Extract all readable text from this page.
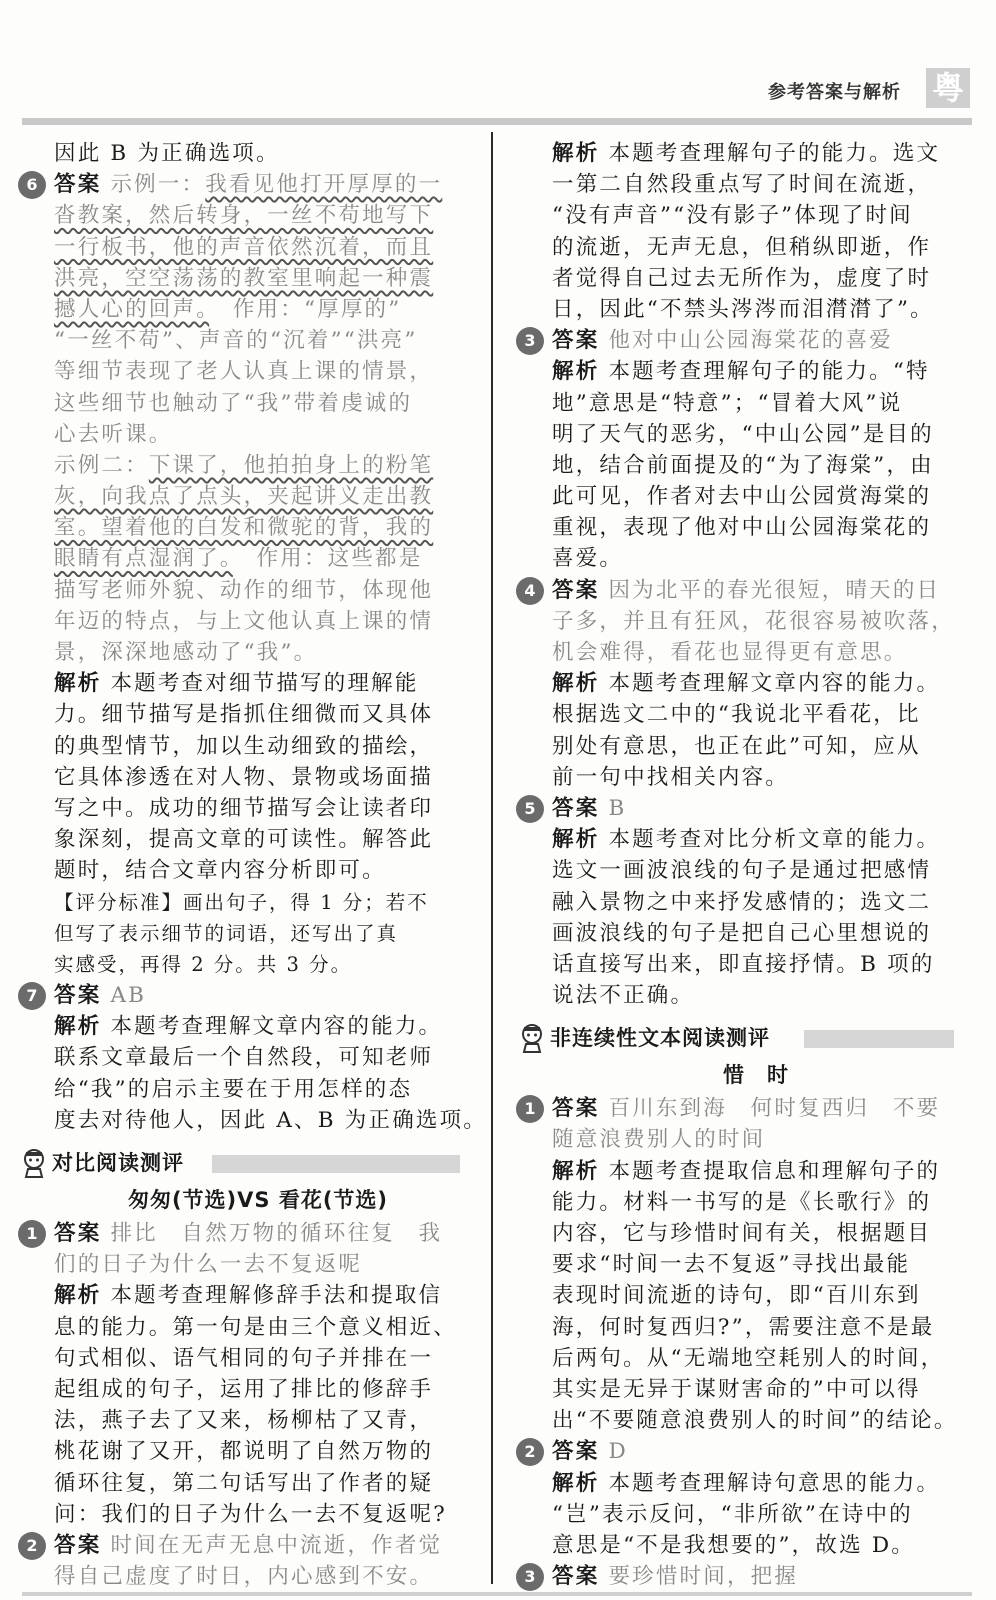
参考答案与解析 粤
因此 B 为正确选项。
6 答案 示例一：我看见他打开厚厚的一
沓教案，然后转身，一丝不苟地写下
一行板书，他的声音依然沉着，而且
洪亮，空空荡荡的教室里响起一种震
撼人心的回声。　作用：“厚厚的”
“一丝不苟”、声音的“沉着”“洪亮”
等细节表现了老人认真上课的情景，
这些细节也触动了“我”带着虔诚的
心去听课。
示例二：下课了，他拍拍身上的粉笔
灰，向我点了点头，夹起讲义走出教
室。望着他的白发和微驼的背，我的
眼睛有点湿润了。　作用：这些都是
描写老师外貌、动作的细节，体现他
年迈的特点，与上文他认真上课的情
景，深深地感动了“我”。
解析 本题考查对细节描写的理解能
力。细节描写是指抓住细微而又具体
的典型情节，加以生动细致的描绘，
它具体渗透在对人物、景物或场面描
写之中。成功的细节描写会让读者印
象深刻，提高文章的可读性。解答此
题时，结合文章内容分析即可。
【评分标准】画出句子，得 1 分；若不
但写了表示细节的词语，还写出了真
实感受，再得 2 分。共 3 分。
7 答案 AB
解析 本题考查理解文章内容的能力。
联系文章最后一个自然段，可知老师
给“我”的启示主要在于用怎样的态
度去对待他人，因此 A、B 为正确选项。
对比阅读测评
匆匆(节选)VS 看花(节选)
1 答案 排比　自然万物的循环往复　我
们的日子为什么一去不复返呢
解析 本题考查理解修辞手法和提取信
息的能力。第一句是由三个意义相近、
句式相似、语气相同的句子并排在一
起组成的句子，运用了排比的修辞手
法，燕子去了又来，杨柳枯了又青，
桃花谢了又开，都说明了自然万物的
循环往复，第二句话写出了作者的疑
问：我们的日子为什么一去不复返呢?
2 答案 时间在无声无息中流逝，作者觉
得自己虚度了时日，内心感到不安。
解析 本题考查理解句子的能力。选文
一第二自然段重点写了时间在流逝，
“没有声音”“没有影子”体现了时间
的流逝，无声无息，但稍纵即逝，作
者觉得自己过去无所作为，虚度了时
日，因此“不禁头涔涔而泪潸潸了”。
3 答案 他对中山公园海棠花的喜爱
解析 本题考查理解句子的能力。“特
地”意思是“特意”；“冒着大风”说
明了天气的恶劣，“中山公园”是目的
地，结合前面提及的“为了海棠”，由
此可见，作者对去中山公园赏海棠的
重视，表现了他对中山公园海棠花的
喜爱。
4 答案 因为北平的春光很短，晴天的日
子多，并且有狂风，花很容易被吹落，
机会难得，看花也显得更有意思。
解析 本题考查理解文章内容的能力。
根据选文二中的“我说北平看花，比
别处有意思，也正在此”可知，应从
前一句中找相关内容。
5 答案 B
解析 本题考查对比分析文章的能力。
选文一画波浪线的句子是通过把感情
融入景物之中来抒发感情的；选文二
画波浪线的句子是把自己心里想说的
话直接写出来，即直接抒情。B 项的
说法不正确。
非连续性文本阅读测评
惜　时
1 答案 百川东到海　何时复西归　不要
随意浪费别人的时间
解析 本题考查提取信息和理解句子的
能力。材料一书写的是《长歌行》的
内容，它与珍惜时间有关，根据题目
要求“时间一去不复返”寻找出最能
表现时间流逝的诗句，即“百川东到
海，何时复西归?”，需要注意不是最
后两句。从“无端地空耗别人的时间，
其实是无异于谋财害命的”中可以得
出“不要随意浪费别人的时间”的结论。
2 答案 D
解析 本题考查理解诗句意思的能力。
“岂”表示反问，“非所欲”在诗中的
意思是“不是我想要的”，故选 D。
3 答案 要珍惜时间，把握
